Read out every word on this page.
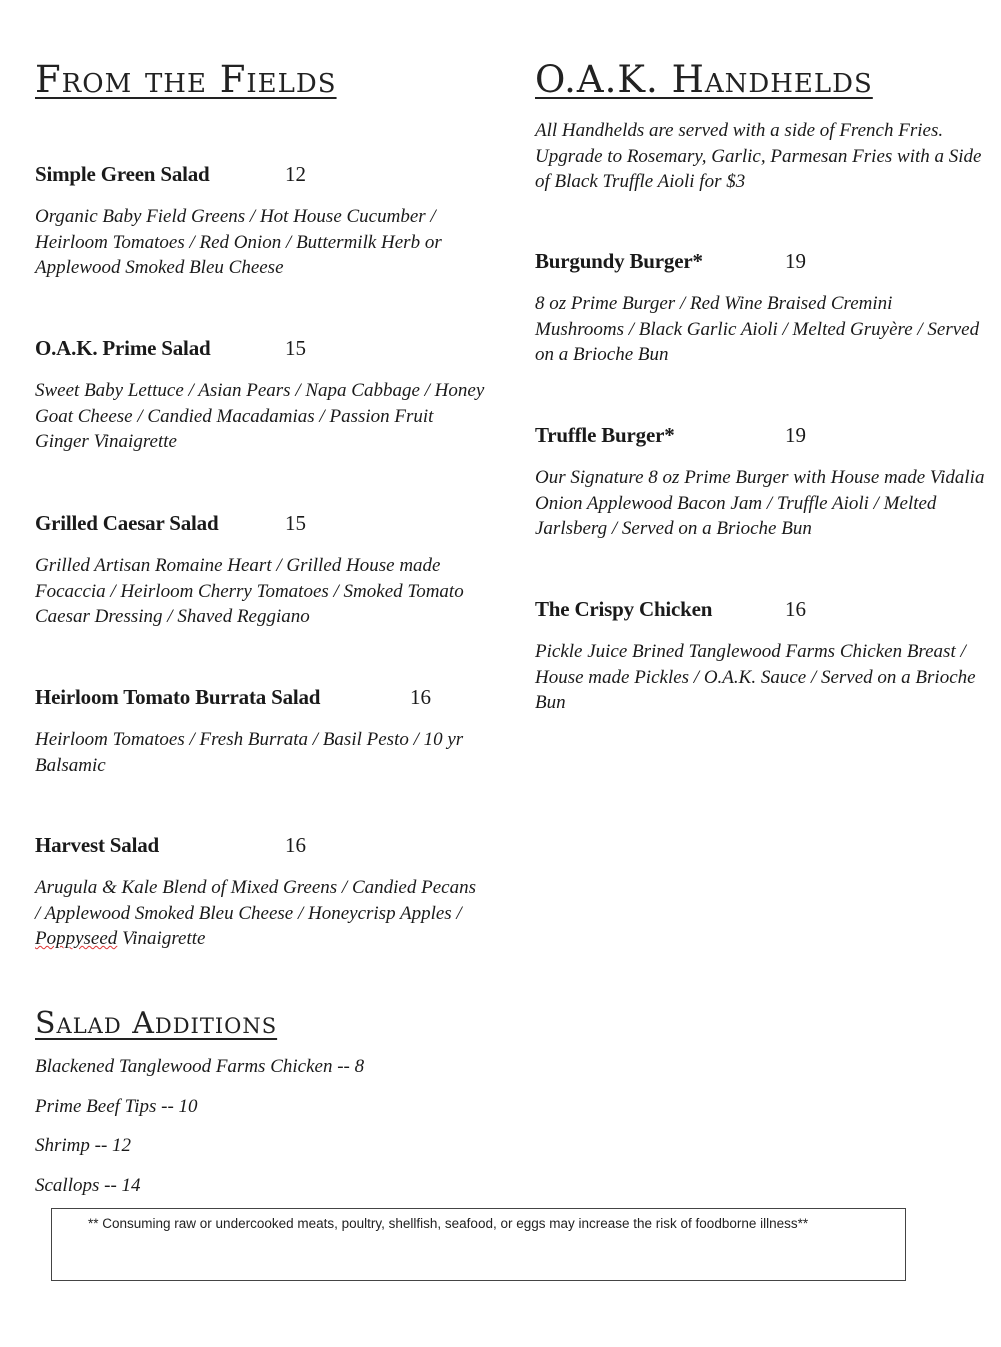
From the Fields
Simple Green Salad	12
Organic Baby Field Greens / Hot House Cucumber / Heirloom Tomatoes / Red Onion / Buttermilk Herb or Applewood Smoked Bleu Cheese
O.A.K. Prime Salad	15
Sweet Baby Lettuce / Asian Pears / Napa Cabbage / Honey Goat Cheese / Candied Macadamias / Passion Fruit Ginger Vinaigrette
Grilled Caesar Salad	15
Grilled Artisan Romaine Heart / Grilled House made Focaccia / Heirloom Cherry Tomatoes / Smoked Tomato Caesar Dressing / Shaved Reggiano
Heirloom Tomato Burrata Salad	16
Heirloom Tomatoes / Fresh Burrata / Basil Pesto / 10 yr Balsamic
Harvest Salad	16
Arugula & Kale Blend of Mixed Greens / Candied Pecans / Applewood Smoked Bleu Cheese / Honeycrisp Apples / Poppyseed Vinaigrette
Salad Additions

Blackened Tanglewood Farms Chicken -- 8

Prime Beef Tips -- 10

Shrimp -- 12

Scallops -- 14

O.A.K. Handhelds

All Handhelds are served with a side of French Fries. Upgrade to Rosemary, Garlic, Parmesan Fries with a Side of Black Truffle Aioli for $3

Burgundy Burger*	19
8 oz Prime Burger / Red Wine Braised Cremini Mushrooms / Black Garlic Aioli / Melted Gruyère / Served on a Brioche Bun
Truffle Burger*	19
Our Signature 8 oz Prime Burger with House made Vidalia Onion Applewood Bacon Jam / Truffle Aioli / Melted Jarlsberg / Served on a Brioche Bun
The Crispy Chicken	16
Pickle Juice Brined Tanglewood Farms Chicken Breast / House made Pickles / O.A.K. Sauce / Served on a Brioche Bun
** Consuming raw or undercooked meats, poultry, shellfish, seafood, or eggs may increase the risk of foodborne illness**
